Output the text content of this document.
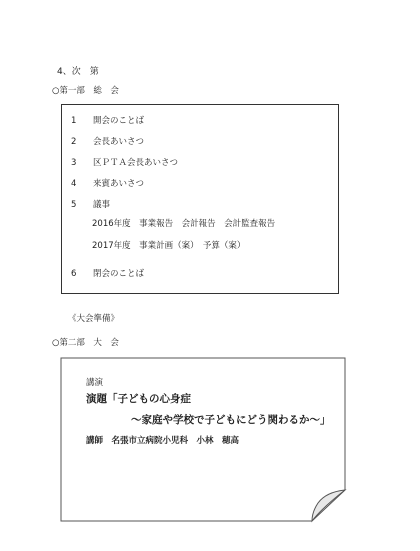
4、次　第
○第一部　総　会
1 開会のことば
2 会長あいさつ
3 区ＰＴＡ会長あいさつ
4 来賓あいさつ
5 議事
2016年度　事業報告　会計報告　会計監査報告
2017年度　事業計画（案）　予算（案）
6 閉会のことば
《大会準備》
○第二部　大　会
講演
演題「子どもの心身症
～家庭や学校で子どもにどう関わるか～」
講師　名張市立病院小児科　小林　穂高
